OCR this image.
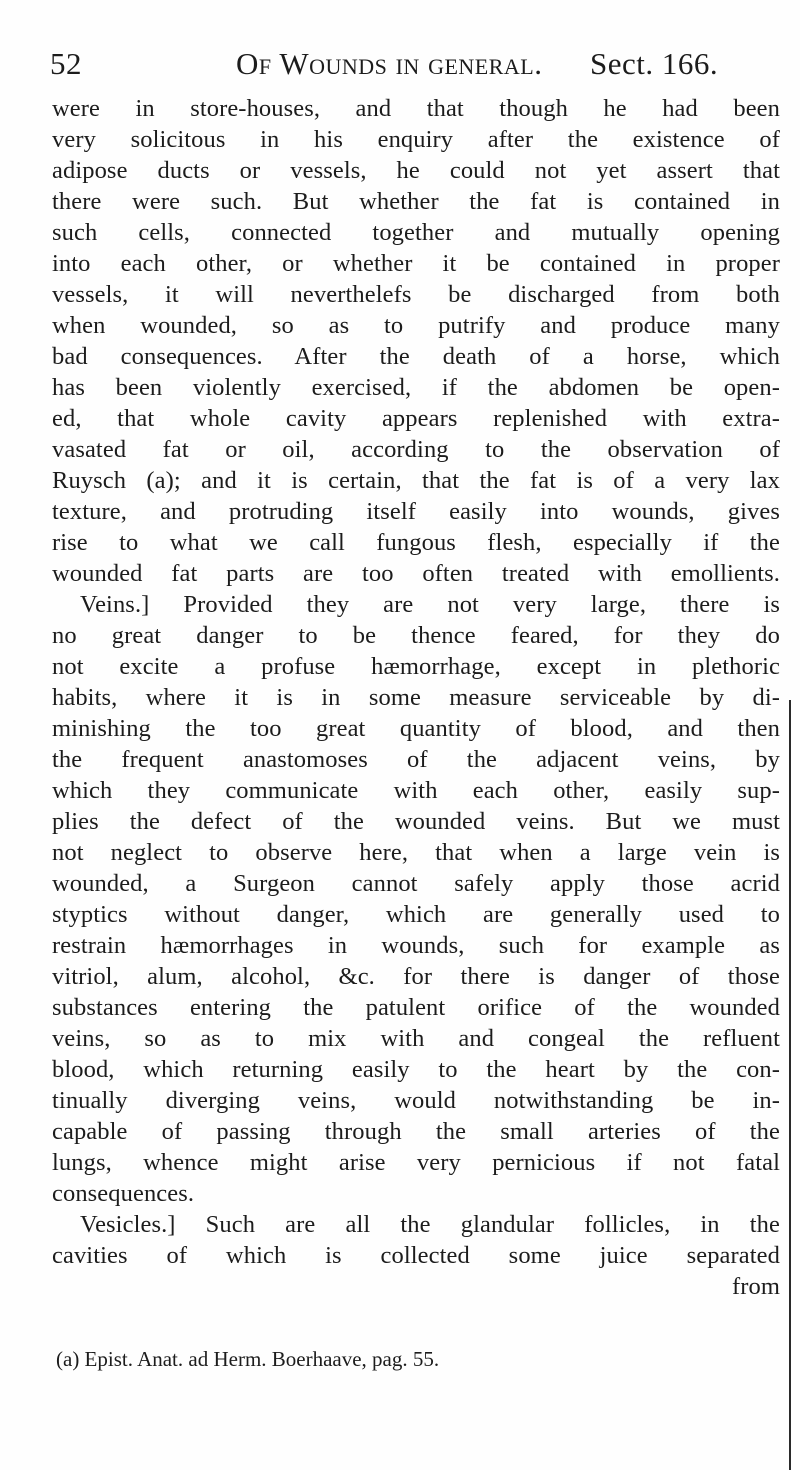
52	Of Wounds in general. Sect. 166.
were in store-houses, and that though he had been
very solicitous in his enquiry after the existence of
adipose ducts or vessels, he could not yet assert that
there were such. But whether the fat is contained in
such cells, connected together and mutually opening
into each other, or whether it be contained in proper
vessels, it will neverthelefs be discharged from both
when wounded, so as to putrify and produce many
bad consequences. After the death of a horse, which
has been violently exercised, if the abdomen be open-
ed, that whole cavity appears replenished with extra-
vasated fat or oil, according to the observation of
Ruysch (a); and it is certain, that the fat is of a very lax
texture, and protruding itself easily into wounds, gives
rise to what we call fungous flesh, especially if the
wounded fat parts are too often treated with emollients.
Veins.] Provided they are not very large, there is
no great danger to be thence feared, for they do
not excite a profuse hæmorrhage, except in plethoric
habits, where it is in some measure serviceable by di-
minishing the too great quantity of blood, and then
the frequent anastomoses of the adjacent veins, by
which they communicate with each other, easily sup-
plies the defect of the wounded veins. But we must
not neglect to observe here, that when a large vein is
wounded, a Surgeon cannot safely apply those acrid
styptics without danger, which are generally used to
restrain hæmorrhages in wounds, such for example as
vitriol, alum, alcohol, &c. for there is danger of those
substances entering the patulent orifice of the wounded
veins, so as to mix with and congeal the refluent
blood, which returning easily to the heart by the con-
tinually diverging veins, would notwithstanding be in-
capable of passing through the small arteries of the
lungs, whence might arise very pernicious if not fatal
consequences.
Vesicles.] Such are all the glandular follicles, in the
cavities of which is collected some juice separated
from
(a) Epist. Anat. ad Herm. Boerhaave, pag. 55.
